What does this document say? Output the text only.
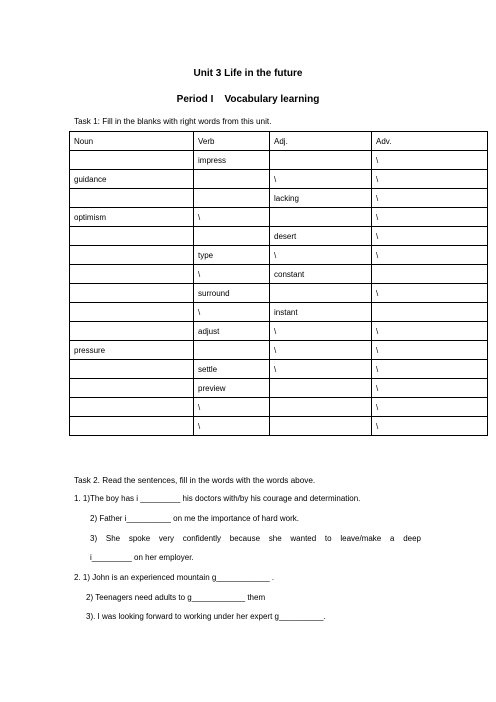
Unit 3 Life in the future
Period I    Vocabulary learning
Task 1: Fill in the blanks with right words from this unit.
Noun	Verb	Adj.	Adv.
	impress		\
guidance		\	\
		lacking	\
optimism	\		\
		desert	\
	type	\	\
	\	constant	
	surround		\
	\	instant	
	adjust	\	\
pressure		\	\
	settle	\	\
	preview		\
	\		\
	\		\
Task 2. Read the sentences, fill in the words with the words above.
1. 1)The boy has i _________ his doctors with/by his courage and determination.
2) Father i__________ on me the importance of hard work.
3) She spoke very confidently because she wanted to leave/make a deep
i_________ on her employer.
2. 1) John is an experienced mountain g____________ .
2) Teenagers need adults to g____________ them
3). I was looking forward to working under her expert g__________.
